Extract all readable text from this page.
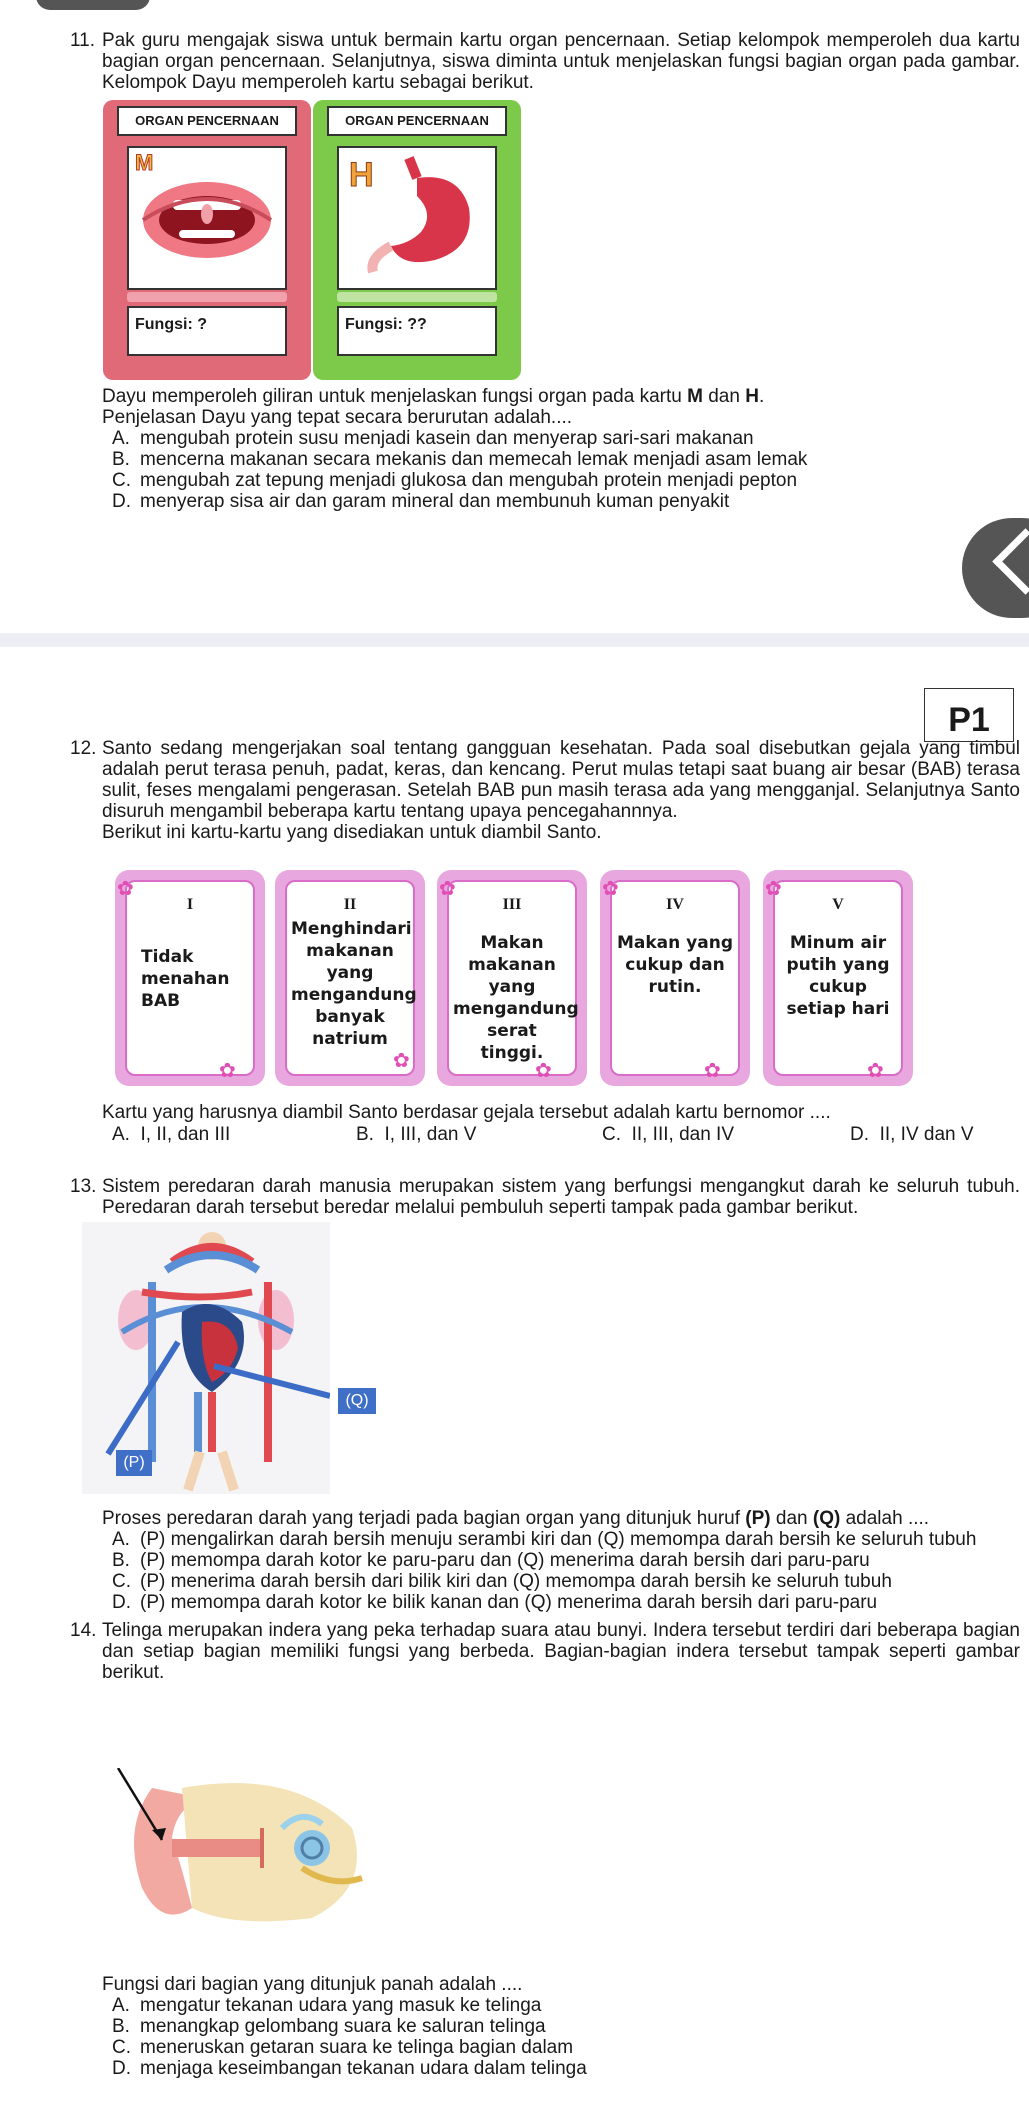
11. Pak guru mengajak siswa untuk bermain kartu organ pencernaan. Setiap kelompok memperoleh dua kartu bagian organ pencernaan. Selanjutnya, siswa diminta untuk menjelaskan fungsi bagian organ pada gambar. Kelompok Dayu memperoleh kartu sebagai berikut.
ORGAN PENCERNAAN
M
Fungsi: ?
ORGAN PENCERNAAN
H
Fungsi: ??
Dayu memperoleh giliran untuk menjelaskan fungsi organ pada kartu M dan H.
Penjelasan Dayu yang tepat secara berurutan adalah....
A. mengubah protein susu menjadi kasein dan menyerap sari-sari makanan
B. mencerna makanan secara mekanis dan memecah lemak menjadi asam lemak
C. mengubah zat tepung menjadi glukosa dan mengubah protein menjadi pepton
D. menyerap sisa air dan garam mineral dan membunuh kuman penyakit
P1
12. Santo sedang mengerjakan soal tentang gangguan kesehatan. Pada soal disebutkan gejala yang timbul adalah perut terasa penuh, padat, keras, dan kencang. Perut mulas tetapi saat buang air besar (BAB) terasa sulit, feses mengalami pengerasan. Setelah BAB pun masih terasa ada yang mengganjal. Selanjutnya Santo disuruh mengambil beberapa kartu tentang upaya pencegahannnya.
Berikut ini kartu-kartu yang disediakan untuk diambil Santo.
I
Tidak menahan BAB
✿
✿
II
Menghindari makanan yang mengandung banyak natrium
✿
III
Makan makanan yang mengandung serat tinggi.
✿
✿
IV
Makan yang cukup dan rutin.
✿
✿
V
Minum air putih yang cukup setiap hari
✿
✿
Kartu yang harusnya diambil Santo berdasar gejala tersebut adalah kartu bernomor ....
A. I, II, dan III	B. I, III, dan V	C. II, III, dan IV	D. II, IV dan V
13. Sistem peredaran darah manusia merupakan sistem yang berfungsi mengangkut darah ke seluruh tubuh. Peredaran darah tersebut beredar melalui pembuluh seperti tampak pada gambar berikut.
(Q)
(P)
Proses peredaran darah yang terjadi pada bagian organ yang ditunjuk huruf (P) dan (Q) adalah ....
A. (P) mengalirkan darah bersih menuju serambi kiri dan (Q) memompa darah bersih ke seluruh tubuh
B. (P) memompa darah kotor ke paru-paru dan (Q) menerima darah bersih dari paru-paru
C. (P) menerima darah bersih dari bilik kiri dan (Q) memompa darah bersih ke seluruh tubuh
D. (P) memompa darah kotor ke bilik kanan dan (Q) menerima darah bersih dari paru-paru
14. Telinga merupakan indera yang peka terhadap suara atau bunyi. Indera tersebut terdiri dari beberapa bagian dan setiap bagian memiliki fungsi yang berbeda. Bagian-bagian indera tersebut tampak seperti gambar berikut.
Fungsi dari bagian yang ditunjuk panah adalah ....
A. mengatur tekanan udara yang masuk ke telinga
B. menangkap gelombang suara ke saluran telinga
C. meneruskan getaran suara ke telinga bagian dalam
D. menjaga keseimbangan tekanan udara dalam telinga
